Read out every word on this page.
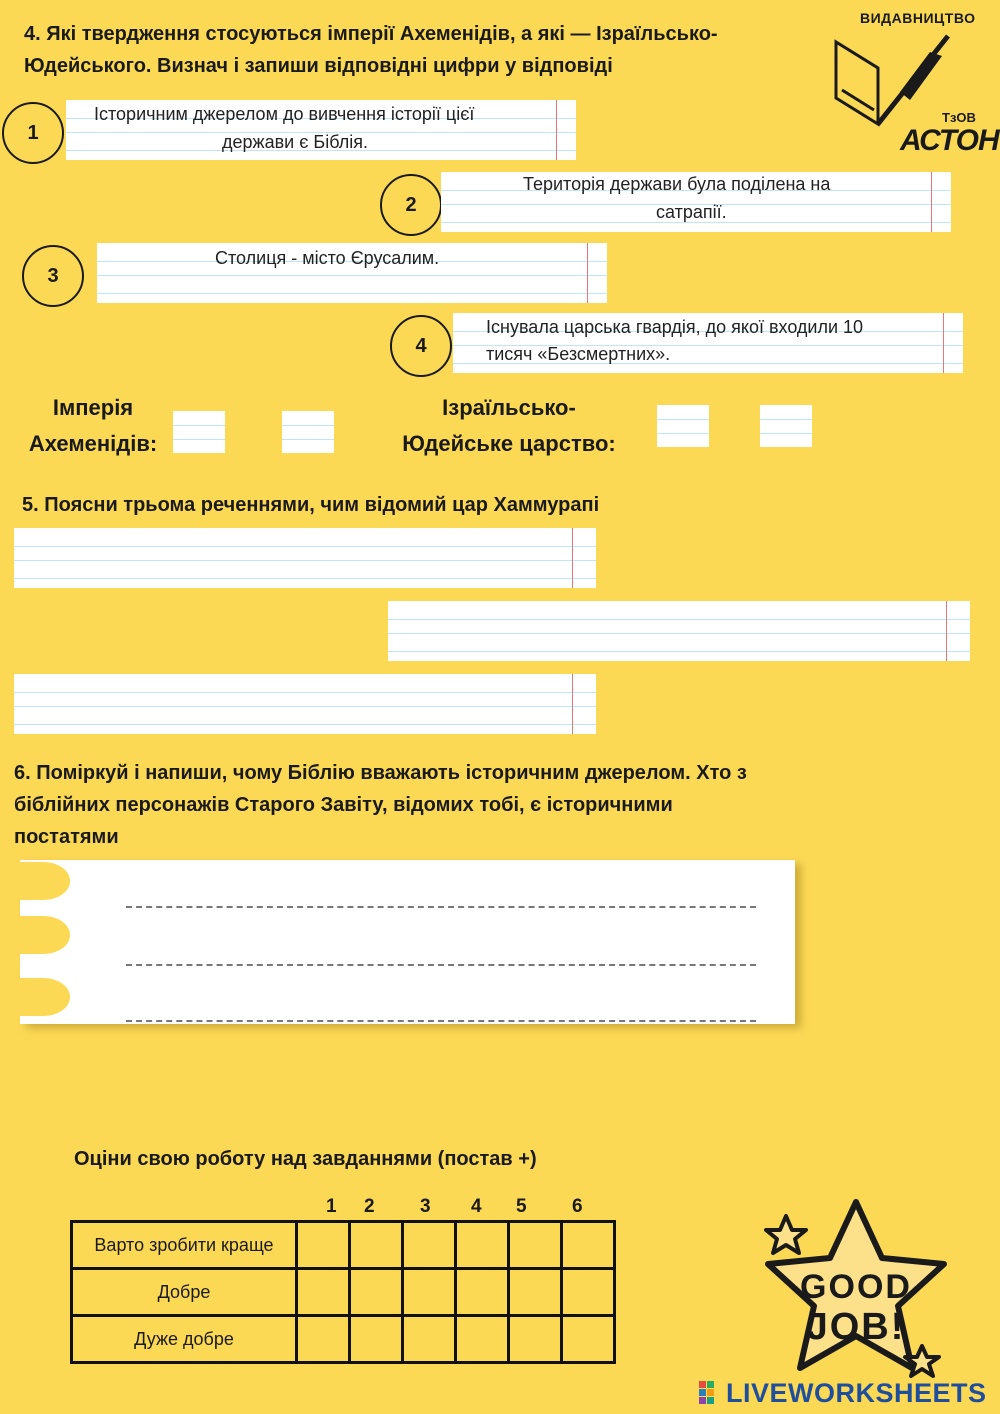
ВИДАВНИЦТВО
ТзОВ
АСТОН
4. Які твердження стосуються імперії Ахеменідів, а які — Ізраїльсько-
Юдейського. Визнач і запиши відповідні цифри у відповіді
1
Історичним джерелом до вивчення історії цієї
держави є Біблія.
2
Територія держави була поділена на
сатрапії.
3
Столиця - місто Єрусалим.
4
Існувала царська гвардія, до якої входили 10
тисяч «Безсмертних».
Імперія
Ахеменідів:
Ізраїльсько-
Юдейське царство:
5. Поясни трьома реченнями, чим відомий цар Хаммурапі
6. Поміркуй і напиши, чому Біблію вважають історичним джерелом. Хто з
біблійних персонажів Старого Завіту, відомих тобі, є історичними
постатями
Оціни свою роботу над завданнями (постав +)
1 2 3 4 5 6
Варто зробити краще						
Добре						
Дуже добре						
GOOD
JOB!
LIVEWORKSHEETS
